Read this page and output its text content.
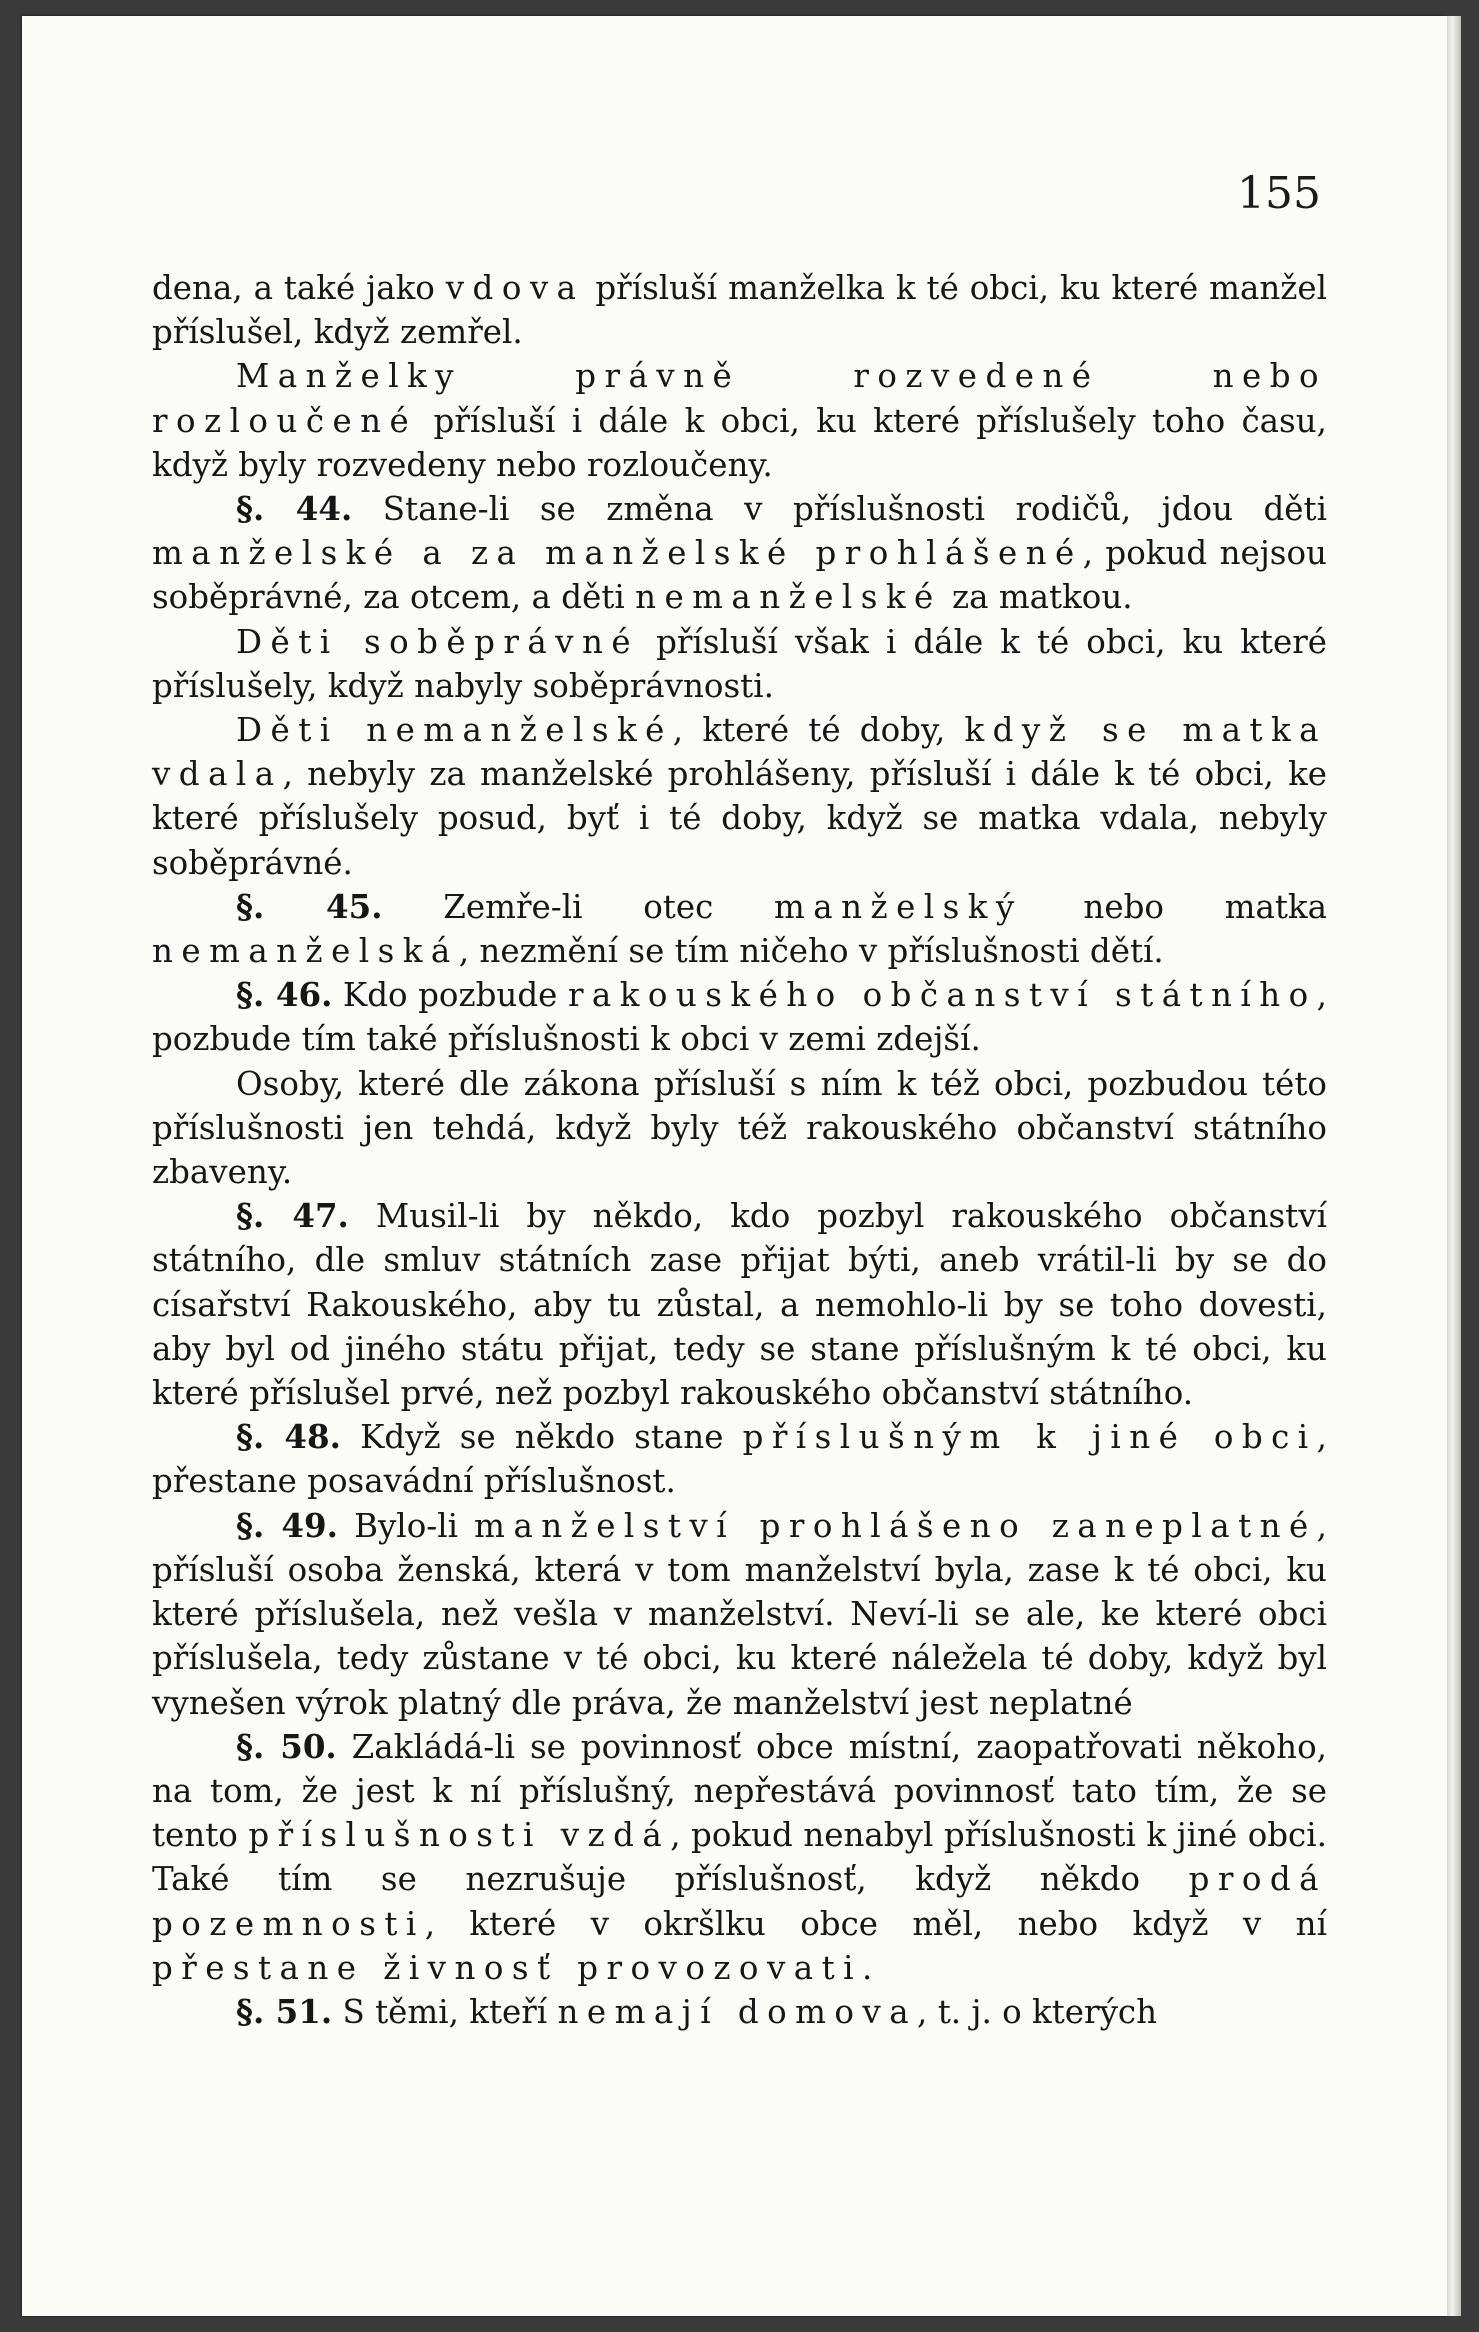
155

dena, a také jako vdova přísluší manželka k té obci, ku které manžel příslušel, když zemřel.

Manželky právně rozvedené nebo rozloučené přísluší i dále k obci, ku které příslušely toho času, když byly rozvedeny nebo rozloučeny.

§. 44. Stane-li se změna v příslušnosti rodičů, jdou děti manželské a za manželské prohlášené, pokud nejsou soběprávné, za otcem, a děti nemanželské za matkou.

Děti soběprávné přísluší však i dále k té obci, ku které příslušely, když nabyly soběprávnosti.

Děti nemanželské, které té doby, když se matka vdala, nebyly za manželské prohlášeny, přísluší i dále k té obci, ke které příslušely posud, byť i té doby, když se matka vdala, nebyly soběprávné.

§. 45. Zemře-li otec manželský nebo matka nemanželská, nezmění se tím ničeho v příslušnosti dětí.

§. 46. Kdo pozbude rakouského občanství státního, pozbude tím také příslušnosti k obci v zemi zdejší.

Osoby, které dle zákona přísluší s ním k též obci, pozbudou této příslušnosti jen tehdá, když byly též rakouského občanství státního zbaveny.

§. 47. Musil-li by někdo, kdo pozbyl rakouského občanství státního, dle smluv státních zase přijat býti, aneb vrátil-li by se do císařství Rakouského, aby tu zůstal, a nemohlo-li by se toho dovesti, aby byl od jiného státu přijat, tedy se stane příslušným k té obci, ku které příslušel prvé, než pozbyl rakouského občanství státního.

§. 48. Když se někdo stane příslušným k jiné obci, přestane posavádní příslušnost.

§. 49. Bylo-li manželství prohlášeno zaneplatné, přísluší osoba ženská, která v tom manželství byla, zase k té obci, ku které příslušela, než vešla v manželství. Neví-li se ale, ke které obci příslušela, tedy zůstane v té obci, ku které náležela té doby, když byl vynešen výrok platný dle práva, že manželství jest neplatné

§. 50. Zakládá-li se povinnosť obce místní, zaopatřovati někoho, na tom, že jest k ní příslušný, nepřestává povinnosť tato tím, že se tento příslušnosti vzdá, pokud nenabyl příslušnosti k jiné obci. Také tím se nezrušuje příslušnosť, když někdo prodá pozemnosti, které v okršlku obce měl, nebo když v ní přestane živnosť provozovati.

§. 51. S těmi, kteří nemají domova, t. j. o kterých
